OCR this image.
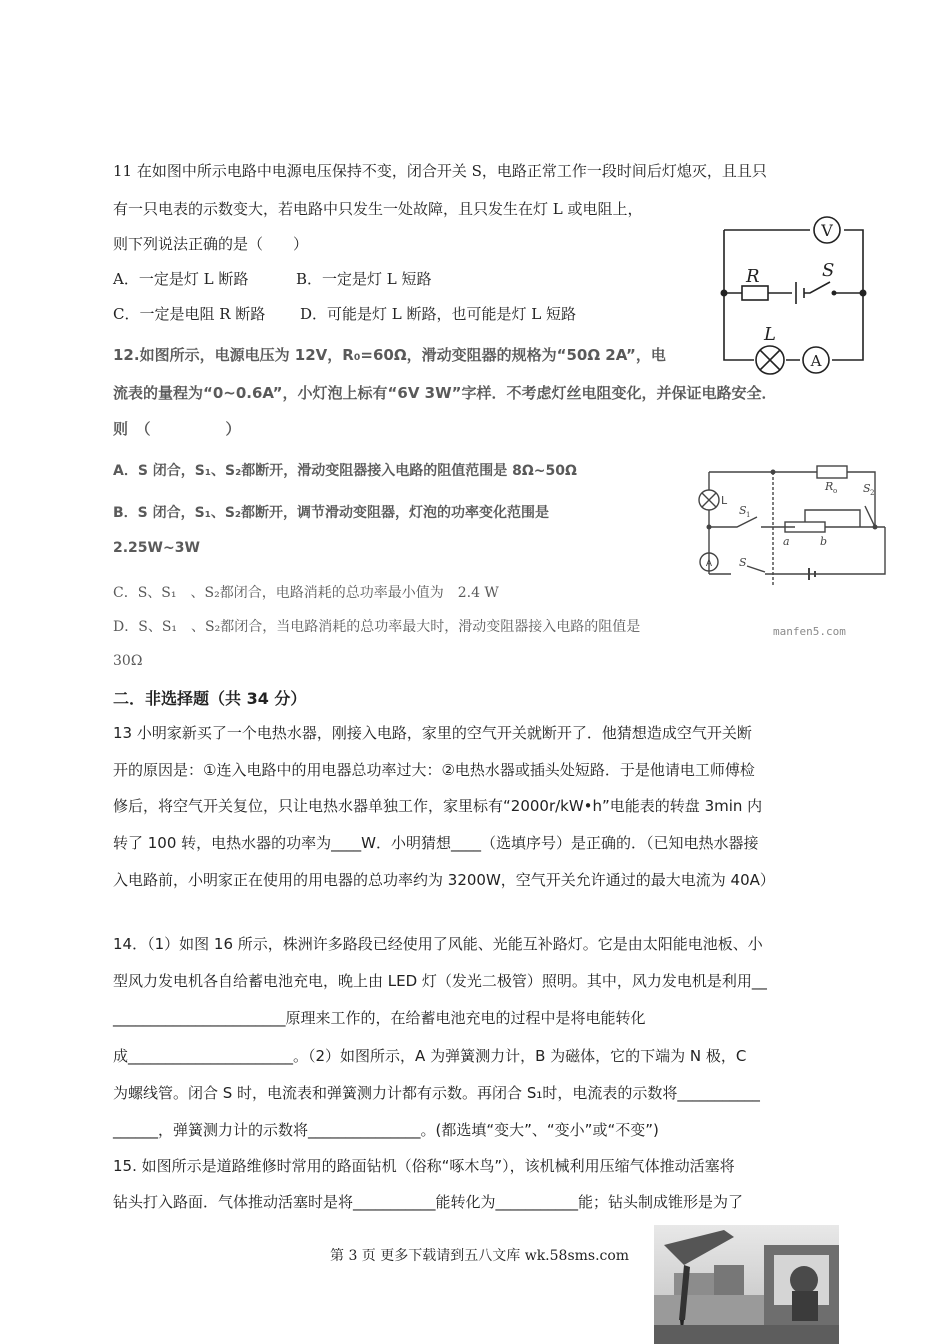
11 在如图中所示电路中电源电压保持不变，闭合开关 S，电路正常工作一段时间后灯熄灭，且且只
有一只电表的示数变大，若电路中只发生一处故障，且只发生在灯 L 或电阻上，
则下列说法正确的是（　　）
A．一定是灯 L 断路	B．一定是灯 L 短路
C．一定是电阻 R 断路 D．可能是灯 L 断路，也可能是灯 L 短路
V
R	S
L
A
12.如图所示，电源电压为 12V，R₀=60Ω，滑动变阻器的规格为“50Ω 2A”，电
流表的量程为“0~0.6A”，小灯泡上标有“6V 3W”字样．不考虑灯丝电阻变化，并保证电路安全．
则　（　　　　　）
A．S 闭合，S₁、S₂都断开，滑动变阻器接入电路的阻值范围是 8Ω~50Ω
B．S 闭合，S₁、S₂都断开，调节滑动变阻器，灯泡的功率变化范围是
2.25W~3W
C．S、S₁　、S₂都闭合，电路消耗的总功率最小值为　2.4 W
D．S、S₁　、S₂都闭合，当电路消耗的总功率最大时，滑动变阻器接入电路的阻值是
30Ω
L
R o S 2
S 1
a	b
A S
manfen5.com
二．非选择题（共 34 分）
13 小明家新买了一个电热水器，刚接入电路，家里的空气开关就断开了．他猜想造成空气开关断
开的原因是：①连入电路中的用电器总功率过大：②电热水器或插头处短路．于是他请电工师傅检
修后，将空气开关复位，只让电热水器单独工作，家里标有“2000r/kW•h”电能表的转盘 3min 内
转了 100 转，电热水器的功率为____W．小明猜想____（选填序号）是正确的．（已知电热水器接
入电路前，小明家正在使用的用电器的总功率约为 3200W，空气开关允许通过的最大电流为 40A）
14．（1）如图 16 所示，株洲许多路段已经使用了风能、光能互补路灯。它是由太阳能电池板、小
型风力发电机各自给蓄电池充电，晚上由 LED 灯（发光二极管）照明。其中，风力发电机是利用__
_______________________原理来工作的，在给蓄电池充电的过程中是将电能转化
成______________________。（2）如图所示，A 为弹簧测力计，B 为磁体，它的下端为 N 极，C
为螺线管。闭合 S 时，电流表和弹簧测力计都有示数。再闭合 S₁时，电流表的示数将___________
______，弹簧测力计的示数将_______________。(都选填“变大”、“变小”或“不变”)
15. 如图所示是道路维修时常用的路面钻机（俗称“啄木鸟”），该机械利用压缩气体推动活塞将
钻头打入路面．气体推动活塞时是将___________能转化为___________能；钻头制成锥形是为了
第 3 页 更多下载请到五八文库 wk.58sms.com
